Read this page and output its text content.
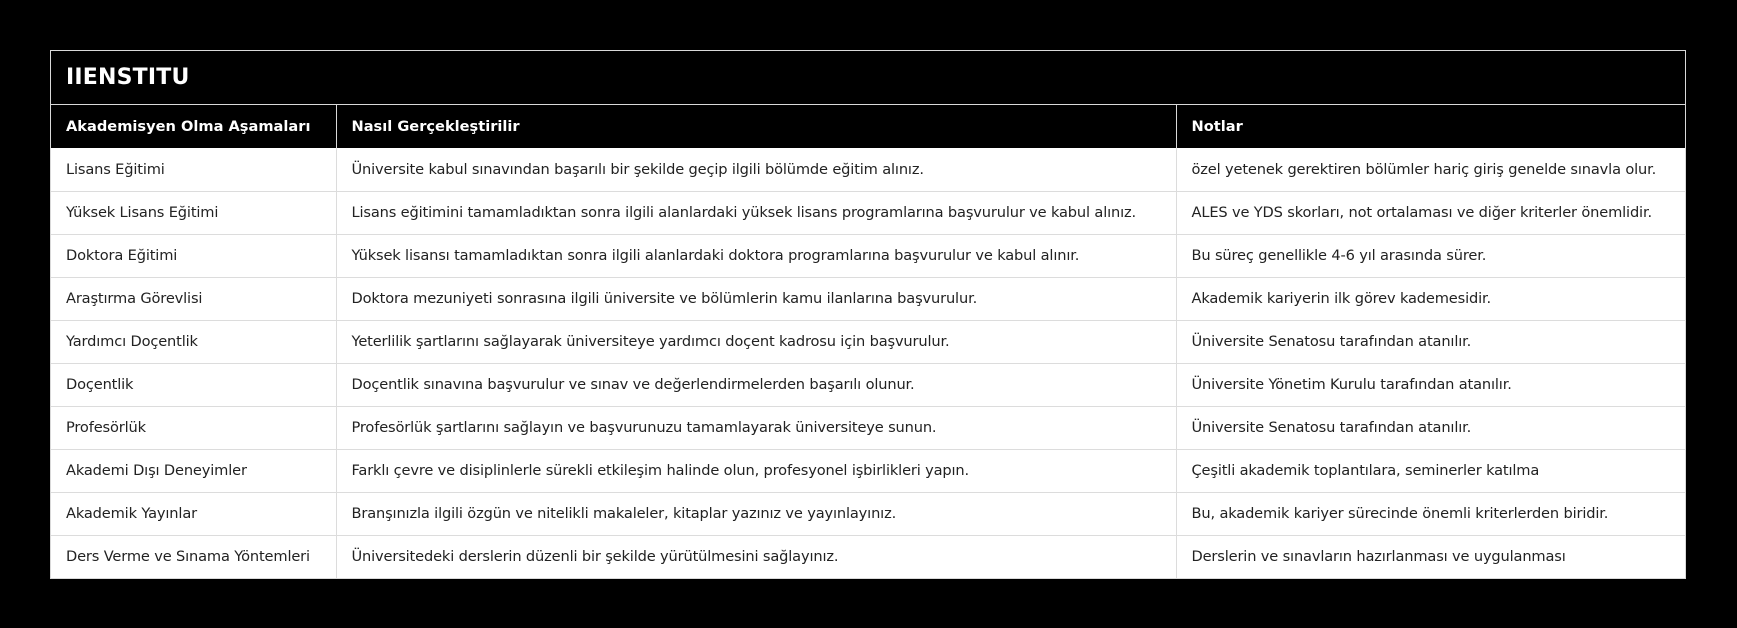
IIENSTITU
Akademisyen Olma Aşamaları	Nasıl Gerçekleştirilir	Notlar
Lisans Eğitimi	Üniversite kabul sınavından başarılı bir şekilde geçip ilgili bölümde eğitim alınız.	özel yetenek gerektiren bölümler hariç giriş genelde sınavla olur.
Yüksek Lisans Eğitimi	Lisans eğitimini tamamladıktan sonra ilgili alanlardaki yüksek lisans programlarına başvurulur ve kabul alınız.	ALES ve YDS skorları, not ortalaması ve diğer kriterler önemlidir.
Doktora Eğitimi	Yüksek lisansı tamamladıktan sonra ilgili alanlardaki doktora programlarına başvurulur ve kabul alınır.	Bu süreç genellikle 4-6 yıl arasında sürer.
Araştırma Görevlisi	Doktora mezuniyeti sonrasına ilgili üniversite ve bölümlerin kamu ilanlarına başvurulur.	Akademik kariyerin ilk görev kademesidir.
Yardımcı Doçentlik	Yeterlilik şartlarını sağlayarak üniversiteye yardımcı doçent kadrosu için başvurulur.	Üniversite Senatosu tarafından atanılır.
Doçentlik	Doçentlik sınavına başvurulur ve sınav ve değerlendirmelerden başarılı olunur.	Üniversite Yönetim Kurulu tarafından atanılır.
Profesörlük	Profesörlük şartlarını sağlayın ve başvurunuzu tamamlayarak üniversiteye sunun.	Üniversite Senatosu tarafından atanılır.
Akademi Dışı Deneyimler	Farklı çevre ve disiplinlerle sürekli etkileşim halinde olun, profesyonel işbirlikleri yapın.	Çeşitli akademik toplantılara, seminerler katılma
Akademik Yayınlar	Branşınızla ilgili özgün ve nitelikli makaleler, kitaplar yazınız ve yayınlayınız.	Bu, akademik kariyer sürecinde önemli kriterlerden biridir.
Ders Verme ve Sınama Yöntemleri	Üniversitedeki derslerin düzenli bir şekilde yürütülmesini sağlayınız.	Derslerin ve sınavların hazırlanması ve uygulanması
